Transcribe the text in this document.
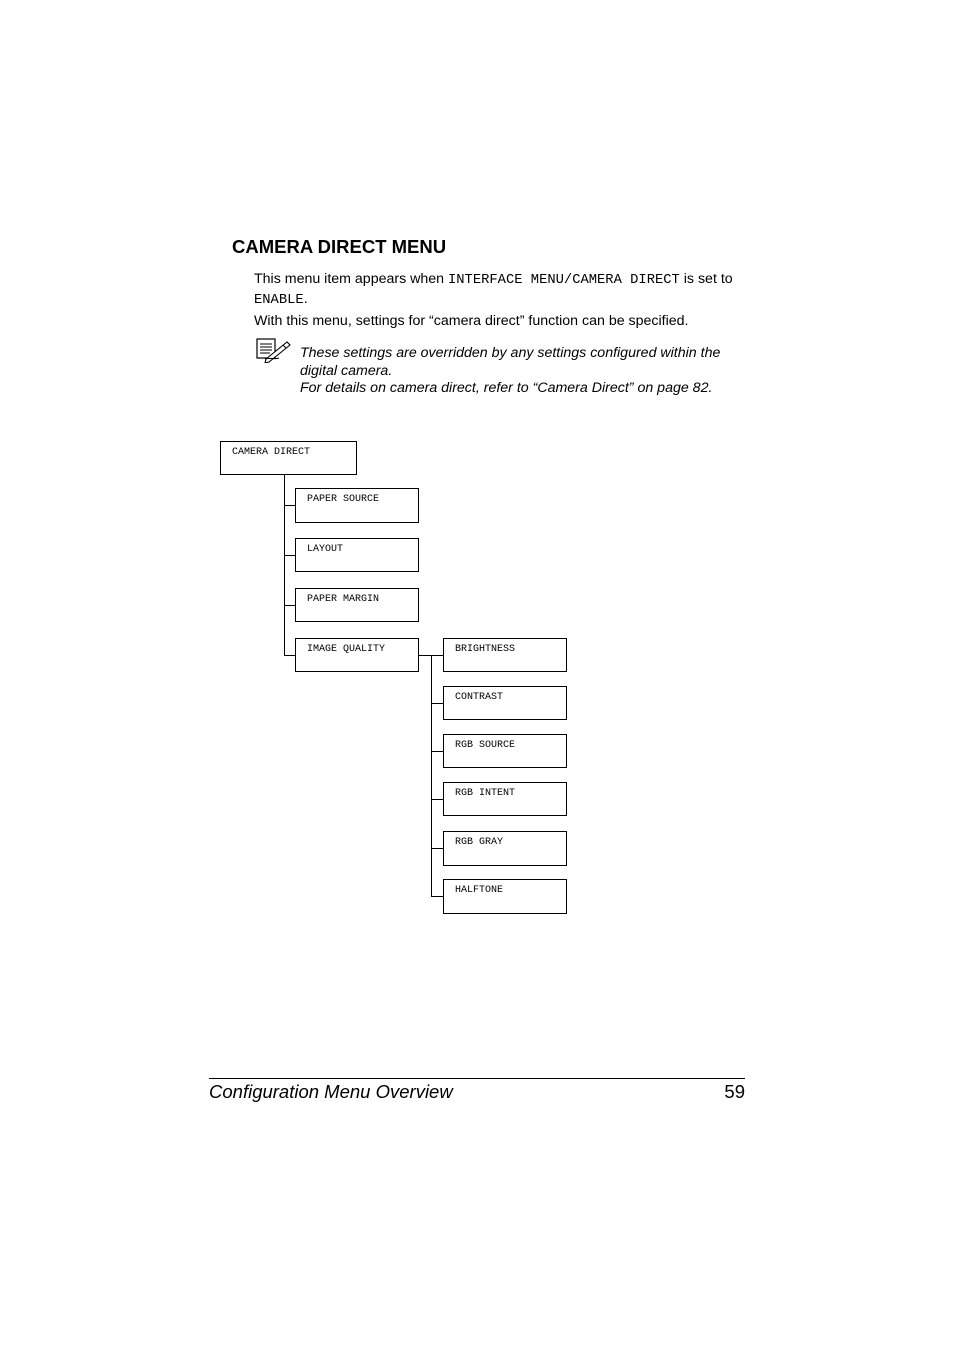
CAMERA DIRECT MENU
This menu item appears when INTERFACE MENU/CAMERA DIRECT is set to ENABLE.
With this menu, settings for “camera direct” function can be specified.
These settings are overridden by any settings configured within the digital camera.
For details on camera direct, refer to “Camera Direct” on page 82.
CAMERA DIRECT
PAPER SOURCE
LAYOUT
PAPER MARGIN
IMAGE QUALITY	BRIGHTNESS
CONTRAST
RGB SOURCE
RGB INTENT
RGB GRAY
HALFTONE
Configuration Menu Overview	59
